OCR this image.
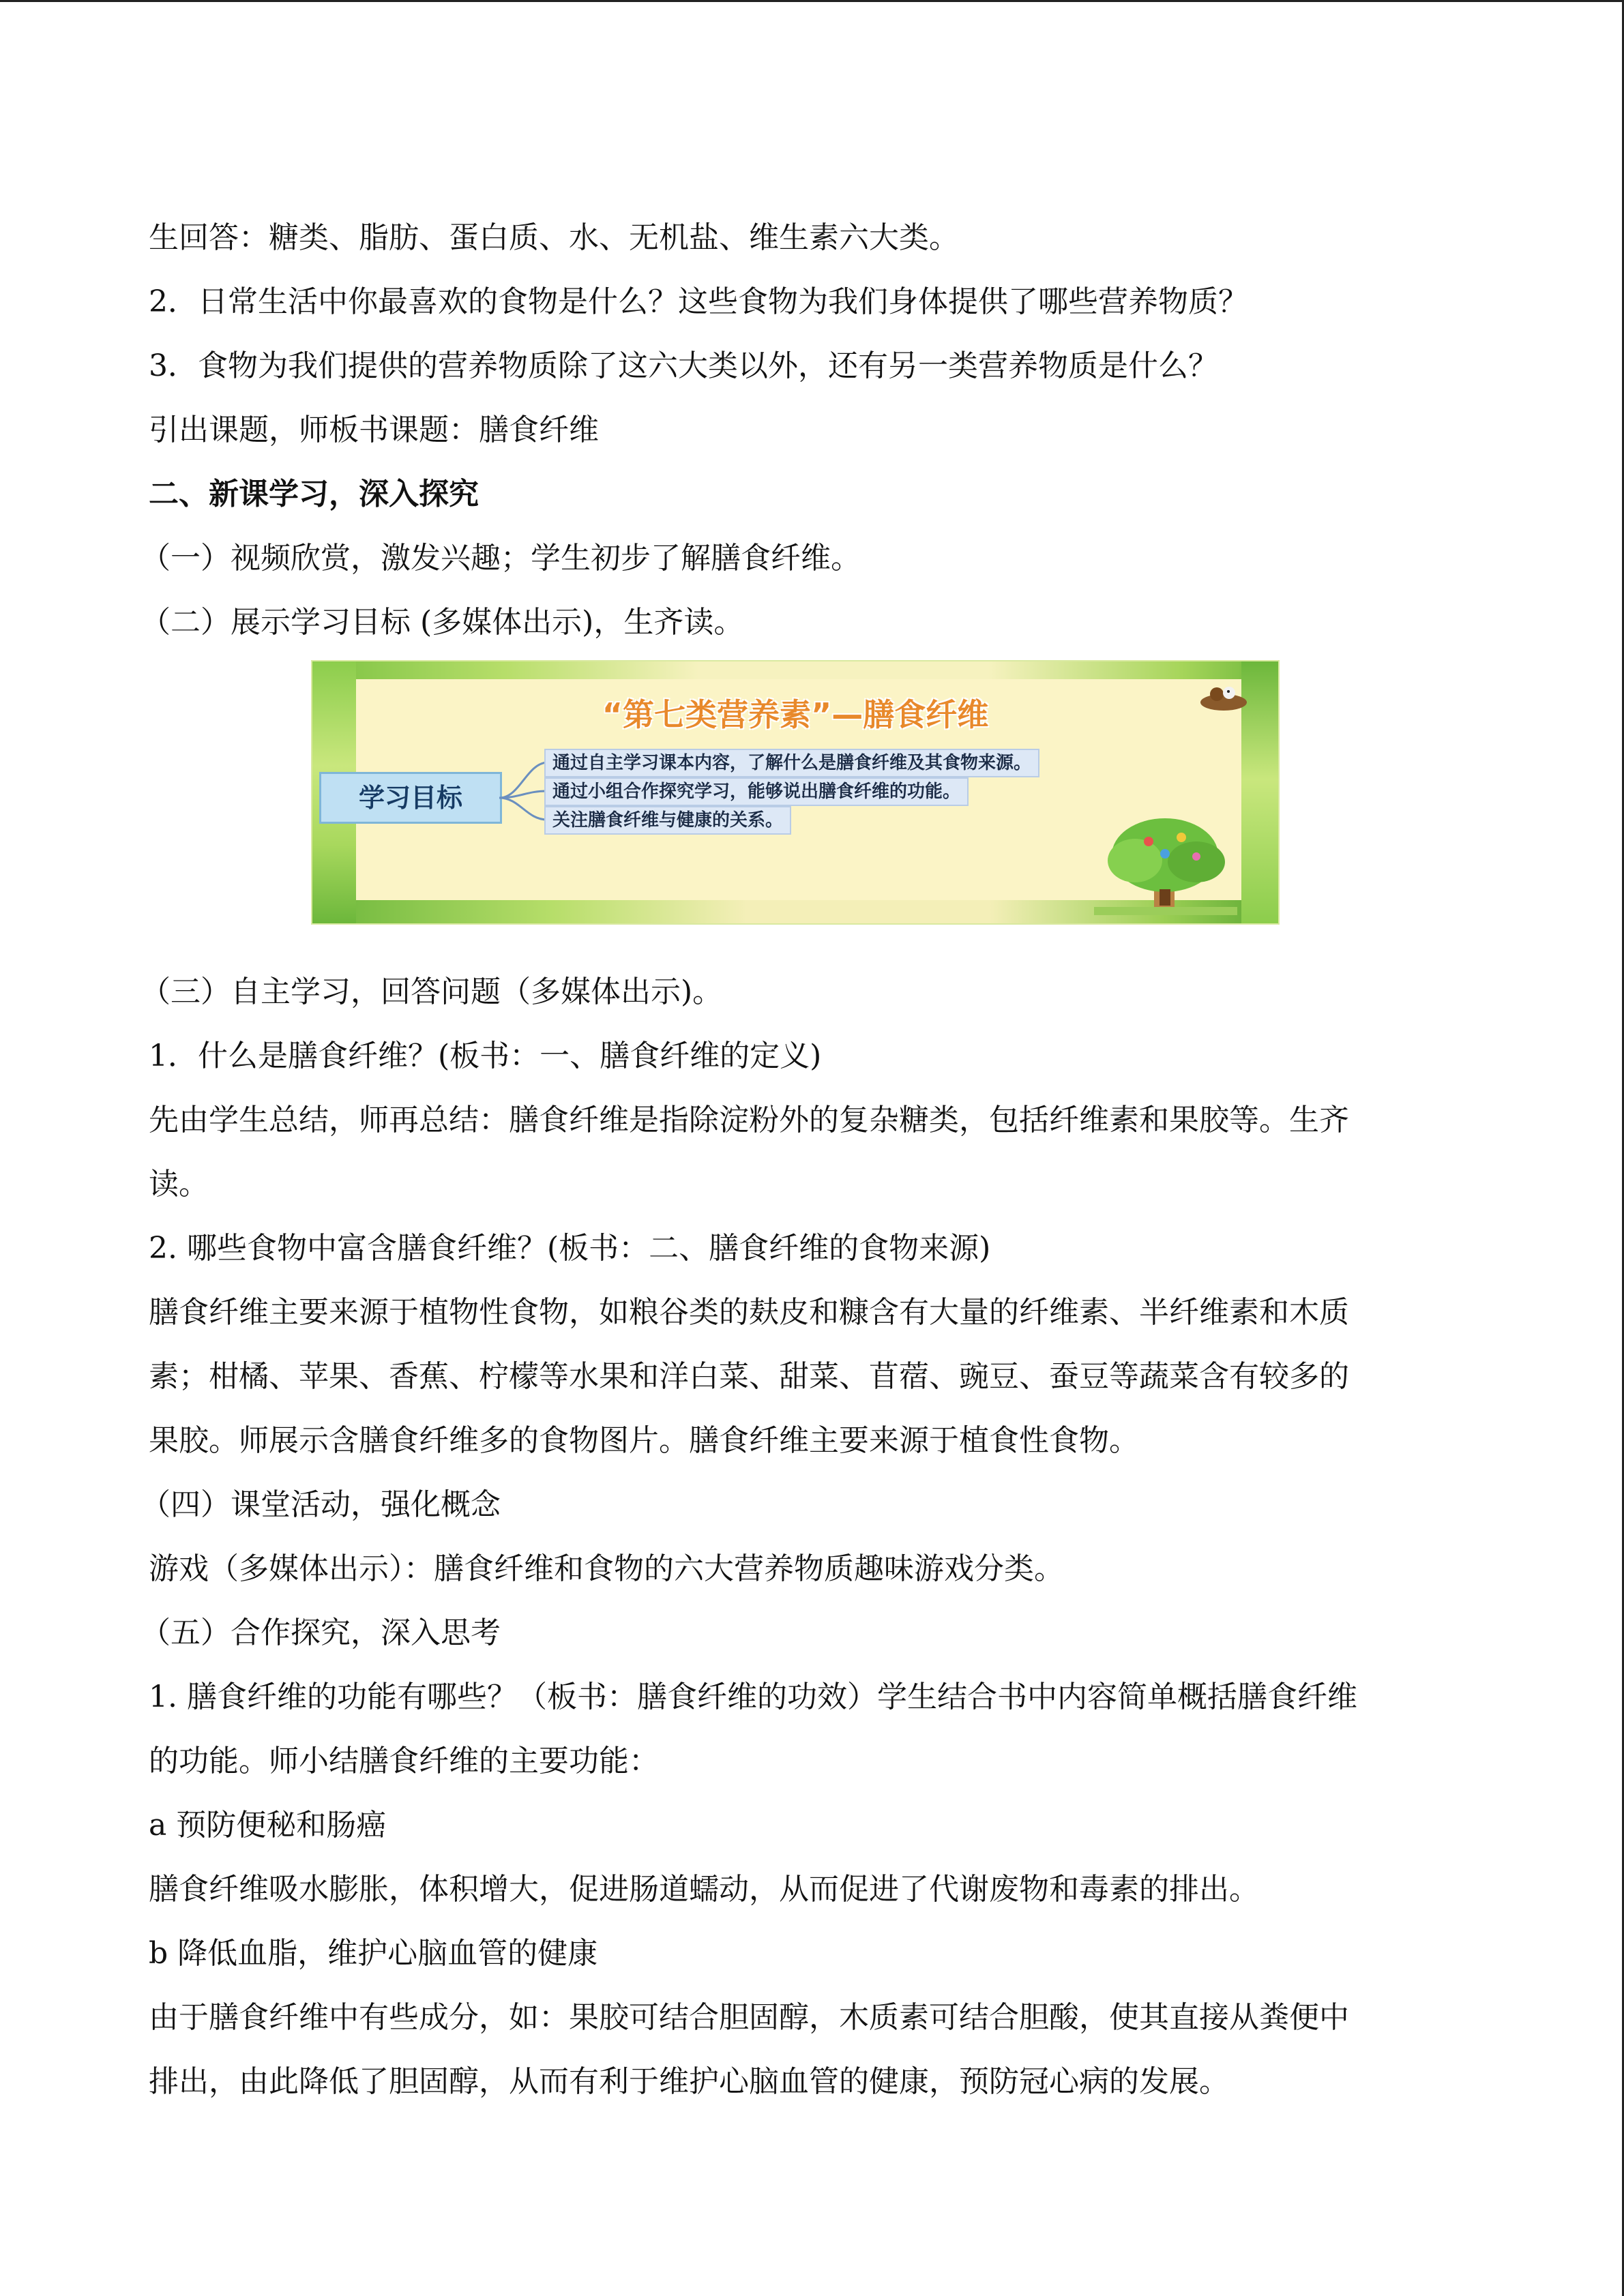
生回答：糖类、脂肪、蛋白质、水、无机盐、维生素六大类。
2．日常生活中你最喜欢的食物是什么？这些食物为我们身体提供了哪些营养物质？
3．食物为我们提供的营养物质除了这六大类以外，还有另一类营养物质是什么？
引出课题，师板书课题：膳食纤维
二、新课学习，深入探究
（一）视频欣赏，激发兴趣；学生初步了解膳食纤维。
（二）展示学习目标 (多媒体出示)，生齐读。
“第七类营养素”—膳食纤维
学习目标
通过自主学习课本内容，了解什么是膳食纤维及其食物来源。
通过小组合作探究学习，能够说出膳食纤维的功能。
关注膳食纤维与健康的关系。
（三）自主学习，回答问题（多媒体出示)。
1．什么是膳食纤维？(板书：一、膳食纤维的定义)
先由学生总结，师再总结：膳食纤维是指除淀粉外的复杂糖类，包括纤维素和果胶等。生齐
读。
2. 哪些食物中富含膳食纤维？(板书：二、膳食纤维的食物来源)
膳食纤维主要来源于植物性食物，如粮谷类的麸皮和糠含有大量的纤维素、半纤维素和木质
素；柑橘、苹果、香蕉、柠檬等水果和洋白菜、甜菜、苜蓿、豌豆、蚕豆等蔬菜含有较多的
果胶。师展示含膳食纤维多的食物图片。膳食纤维主要来源于植食性食物。
（四）课堂活动，强化概念
游戏（多媒体出示）：膳食纤维和食物的六大营养物质趣味游戏分类。
（五）合作探究，深入思考
1. 膳食纤维的功能有哪些？（板书：膳食纤维的功效）学生结合书中内容简单概括膳食纤维
的功能。师小结膳食纤维的主要功能：
a 预防便秘和肠癌
膳食纤维吸水膨胀，体积增大，促进肠道蠕动，从而促进了代谢废物和毒素的排出。
b 降低血脂，维护心脑血管的健康
由于膳食纤维中有些成分，如：果胶可结合胆固醇，木质素可结合胆酸，使其直接从粪便中
排出，由此降低了胆固醇，从而有利于维护心脑血管的健康，预防冠心病的发展。
